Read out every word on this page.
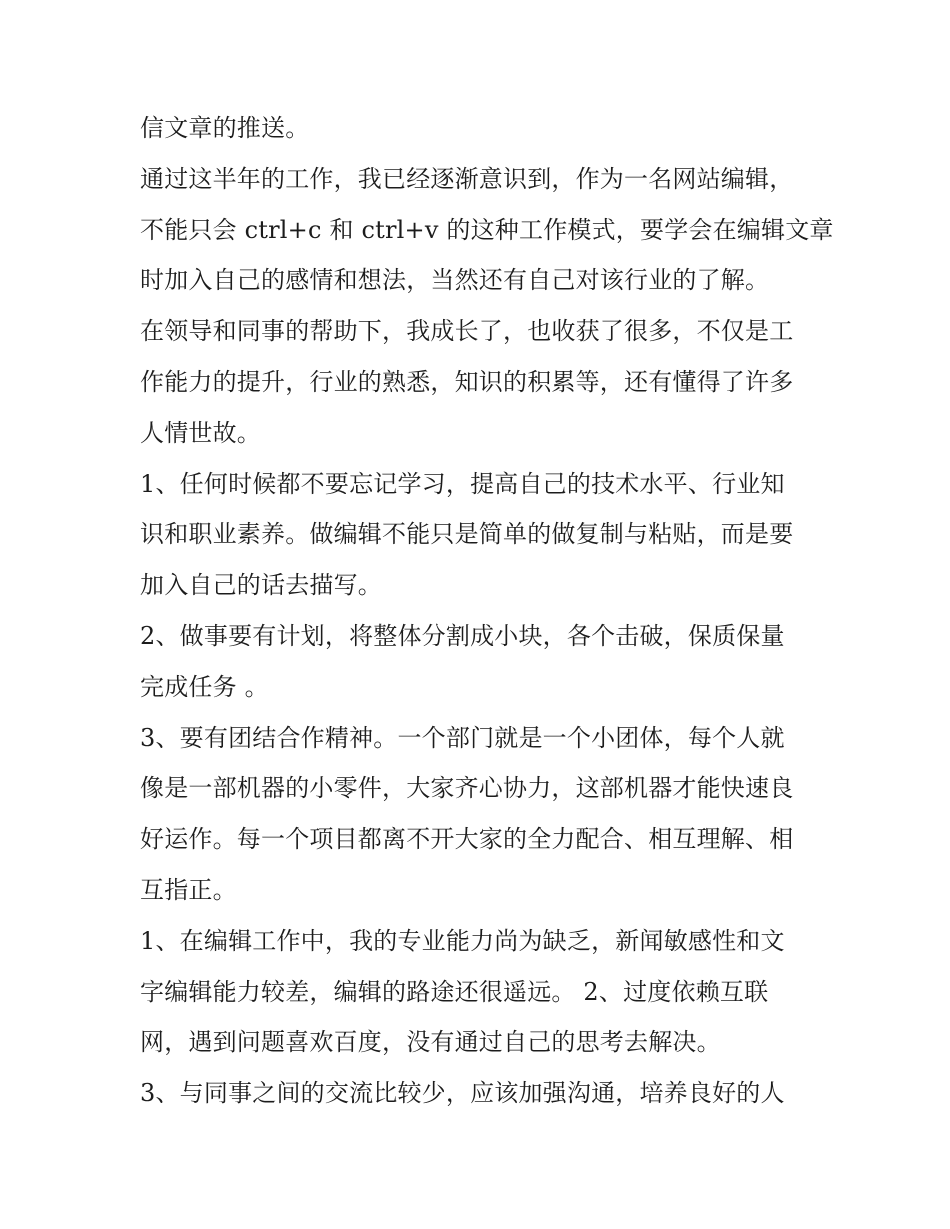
信文章的推送。
通过这半年的工作，我已经逐渐意识到，作为一名网站编辑，
不能只会 ctrl+c 和 ctrl+v 的这种工作模式，要学会在编辑文章
时加入自己的感情和想法，当然还有自己对该行业的了解。
在领导和同事的帮助下，我成长了，也收获了很多，不仅是工
作能力的提升，行业的熟悉，知识的积累等，还有懂得了许多
人情世故。
1、任何时候都不要忘记学习，提高自己的技术水平、行业知
识和职业素养。做编辑不能只是简单的做复制与粘贴，而是要
加入自己的话去描写。
2、做事要有计划，将整体分割成小块，各个击破，保质保量
完成任务 。
3、要有团结合作精神。一个部门就是一个小团体，每个人就
像是一部机器的小零件，大家齐心协力，这部机器才能快速良
好运作。每一个项目都离不开大家的全力配合、相互理解、相
互指正。
1、在编辑工作中，我的专业能力尚为缺乏，新闻敏感性和文
字编辑能力较差，编辑的路途还很遥远。 2、过度依赖互联
网，遇到问题喜欢百度，没有通过自己的思考去解决。
3、与同事之间的交流比较少，应该加强沟通，培养良好的人
